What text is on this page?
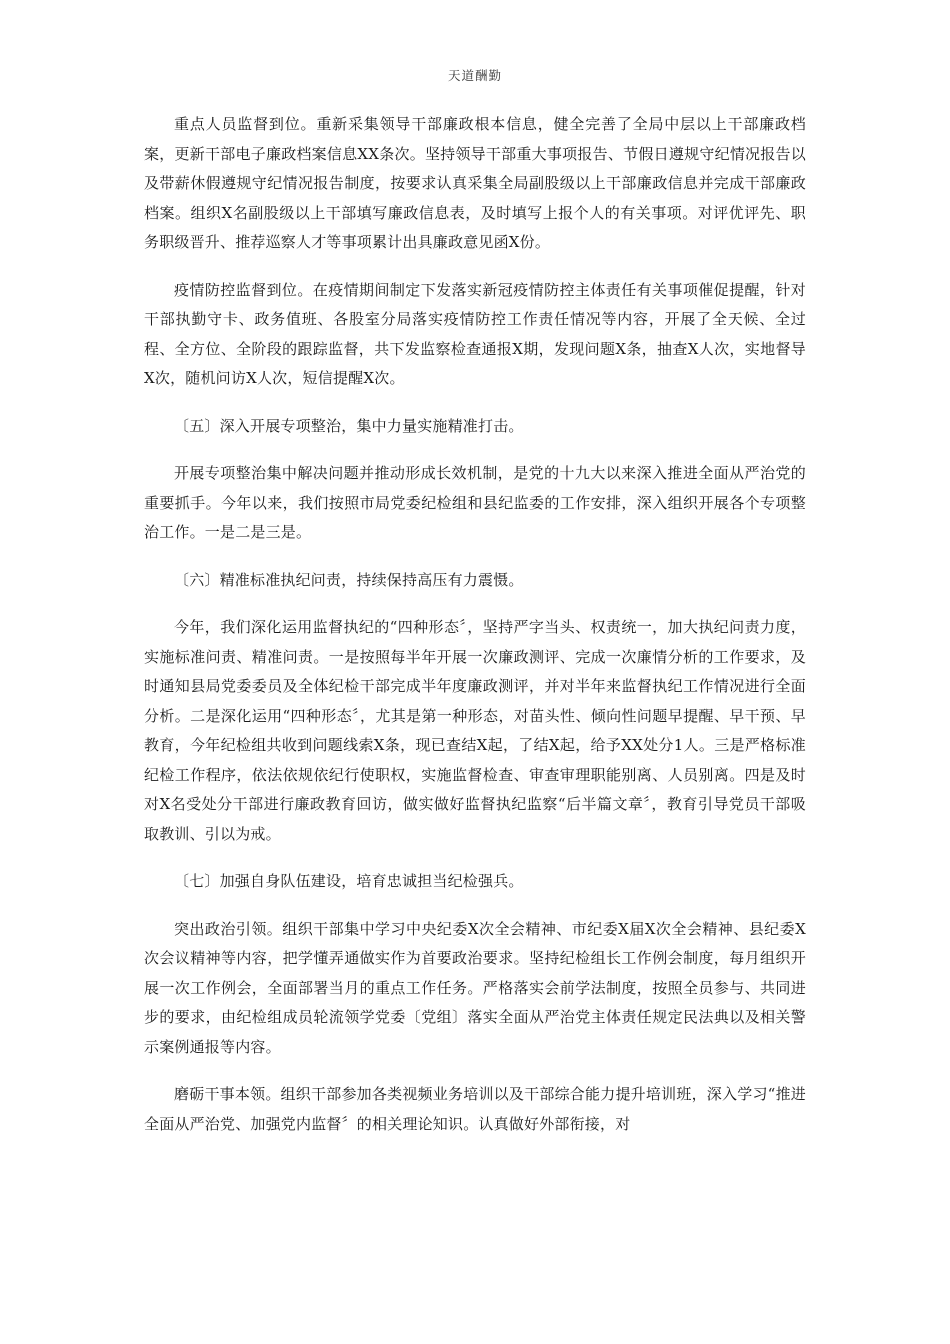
天道酬勤

重点人员监督到位。重新采集领导干部廉政根本信息，健全完善了全局中层以上干部廉政档案，更新干部电子廉政档案信息XX条次。坚持领导干部重大事项报告、节假日遵规守纪情况报告以及带薪休假遵规守纪情况报告制度，按要求认真采集全局副股级以上干部廉政信息并完成干部廉政档案。组织X名副股级以上干部填写廉政信息表，及时填写上报个人的有关事项。对评优评先、职务职级晋升、推荐巡察人才等事项累计出具廉政意见函X份。

疫情防控监督到位。在疫情期间制定下发落实新冠疫情防控主体责任有关事项催促提醒，针对干部执勤守卡、政务值班、各股室分局落实疫情防控工作责任情况等内容，开展了全天候、全过程、全方位、全阶段的跟踪监督，共下发监察检查通报X期，发现问题X条，抽查X人次，实地督导X次，随机问访X人次，短信提醒X次。

〔五〕深入开展专项整治，集中力量实施精准打击。

开展专项整治集中解决问题并推动形成长效机制，是党的十九大以来深入推进全面从严治党的重要抓手。今年以来，我们按照市局党委纪检组和县纪监委的工作安排，深入组织开展各个专项整治工作。一是二是三是。

〔六〕精准标准执纪问责，持续保持高压有力震慑。

今年，我们深化运用监督执纪的“四种形态〞，坚持严字当头、权责统一，加大执纪问责力度，实施标准问责、精准问责。一是按照每半年开展一次廉政测评、完成一次廉情分析的工作要求，及时通知县局党委委员及全体纪检干部完成半年度廉政测评，并对半年来监督执纪工作情况进行全面分析。二是深化运用“四种形态〞，尤其是第一种形态，对苗头性、倾向性问题早提醒、早干预、早教育，今年纪检组共收到问题线索X条，现已查结X起，了结X起，给予XX处分1人。三是严格标准纪检工作程序，依法依规依纪行使职权，实施监督检查、审查审理职能别离、人员别离。四是及时对X名受处分干部进行廉政教育回访，做实做好监督执纪监察“后半篇文章〞，教育引导党员干部吸取教训、引以为戒。

〔七〕加强自身队伍建设，培育忠诚担当纪检强兵。

突出政治引领。组织干部集中学习中央纪委X次全会精神、市纪委X届X次全会精神、县纪委X次会议精神等内容，把学懂弄通做实作为首要政治要求。坚持纪检组长工作例会制度，每月组织开展一次工作例会，全面部署当月的重点工作任务。严格落实会前学法制度，按照全员参与、共同进步的要求，由纪检组成员轮流领学党委〔党组〕落实全面从严治党主体责任规定民法典以及相关警示案例通报等内容。

磨砺干事本领。组织干部参加各类视频业务培训以及干部综合能力提升培训班，深入学习“推进全面从严治党、加强党内监督〞的相关理论知识。认真做好外部衔接，对
